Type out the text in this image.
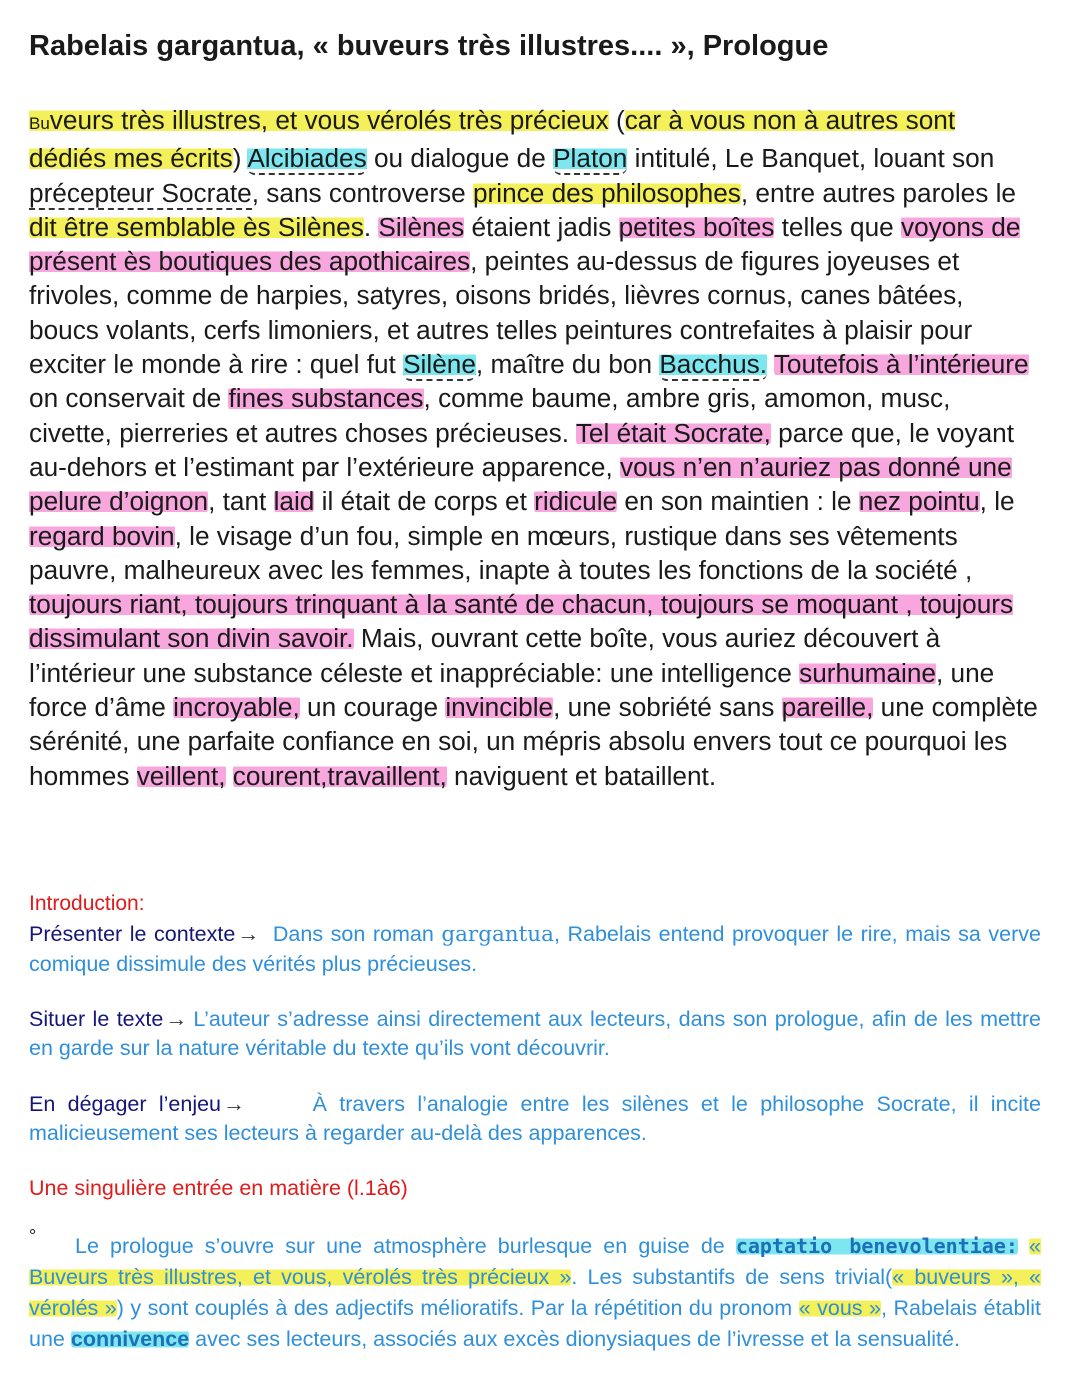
Rabelais gargantua, « buveurs très illustres.... », Prologue
Buveurs très illustres, et vous vérolés très précieux (car à vous non à autres sont dédiés mes écrits) Alcibiades ou dialogue de Platon intitulé, Le Banquet, louant son précepteur Socrate, sans controverse prince des philosophes, entre autres paroles le dit être semblable ès Silènes. Silènes étaient jadis petites boîtes telles que voyons de présent ès boutiques des apothicaires, peintes au-dessus de figures joyeuses et frivoles, comme de harpies, satyres, oisons bridés, lièvres cornus, canes bâtées, boucs volants, cerfs limoniers, et autres telles peintures contrefaites à plaisir pour exciter le monde à rire : quel fut Silène, maître du bon Bacchus. Toutefois à l’intérieure on conservait de fines substances, comme baume, ambre gris, amomon, musc, civette, pierreries et autres choses précieuses. Tel était Socrate, parce que, le voyant au-dehors et l’estimant par l’extérieure apparence, vous n’en n’auriez pas donné une pelure d’oignon, tant laid il était de corps et ridicule en son maintien : le nez pointu, le regard bovin, le visage d’un fou, simple en mœurs, rustique dans ses vêtements pauvre, malheureux avec les femmes, inapte à toutes les fonctions de la société , toujours riant, toujours trinquant à la santé de chacun, toujours se moquant , toujours dissimulant son divin savoir. Mais, ouvrant cette boîte, vous auriez découvert à l’intérieur une substance céleste et inappréciable: une intelligence surhumaine, une force d’âme incroyable, un courage invincible, une sobriété sans pareille, une complète sérénité, une parfaite confiance en soi, un mépris absolu envers tout ce pourquoi les hommes veillent, courent,travaillent, naviguent et bataillent.
Introduction:
Présenter le contexte→ Dans son roman gargantua, Rabelais entend provoquer le rire, mais sa verve comique dissimule des vérités plus précieuses.
Situer le texte→ L’auteur s’adresse ainsi directement aux lecteurs, dans son prologue, afin de les mettre en garde sur la nature véritable du texte qu’ils vont découvrir.
En dégager l’enjeu→	À travers l’analogie entre les silènes et le philosophe Socrate, il incite malicieusement ses lecteurs à regarder au-delà des apparences.
Une singulière entrée en matière (l.1à6)
°	Le prologue s’ouvre sur une atmosphère burlesque en guise de captatio benevolentiae: « Buveurs très illustres, et vous, vérolés très précieux ». Les substantifs de sens trivial(« buveurs », « vérolés ») y sont couplés à des adjectifs mélioratifs. Par la répétition du pronom « vous », Rabelais établit une connivence avec ses lecteurs, associés aux excès dionysiaques de l’ivresse et la sensualité.
